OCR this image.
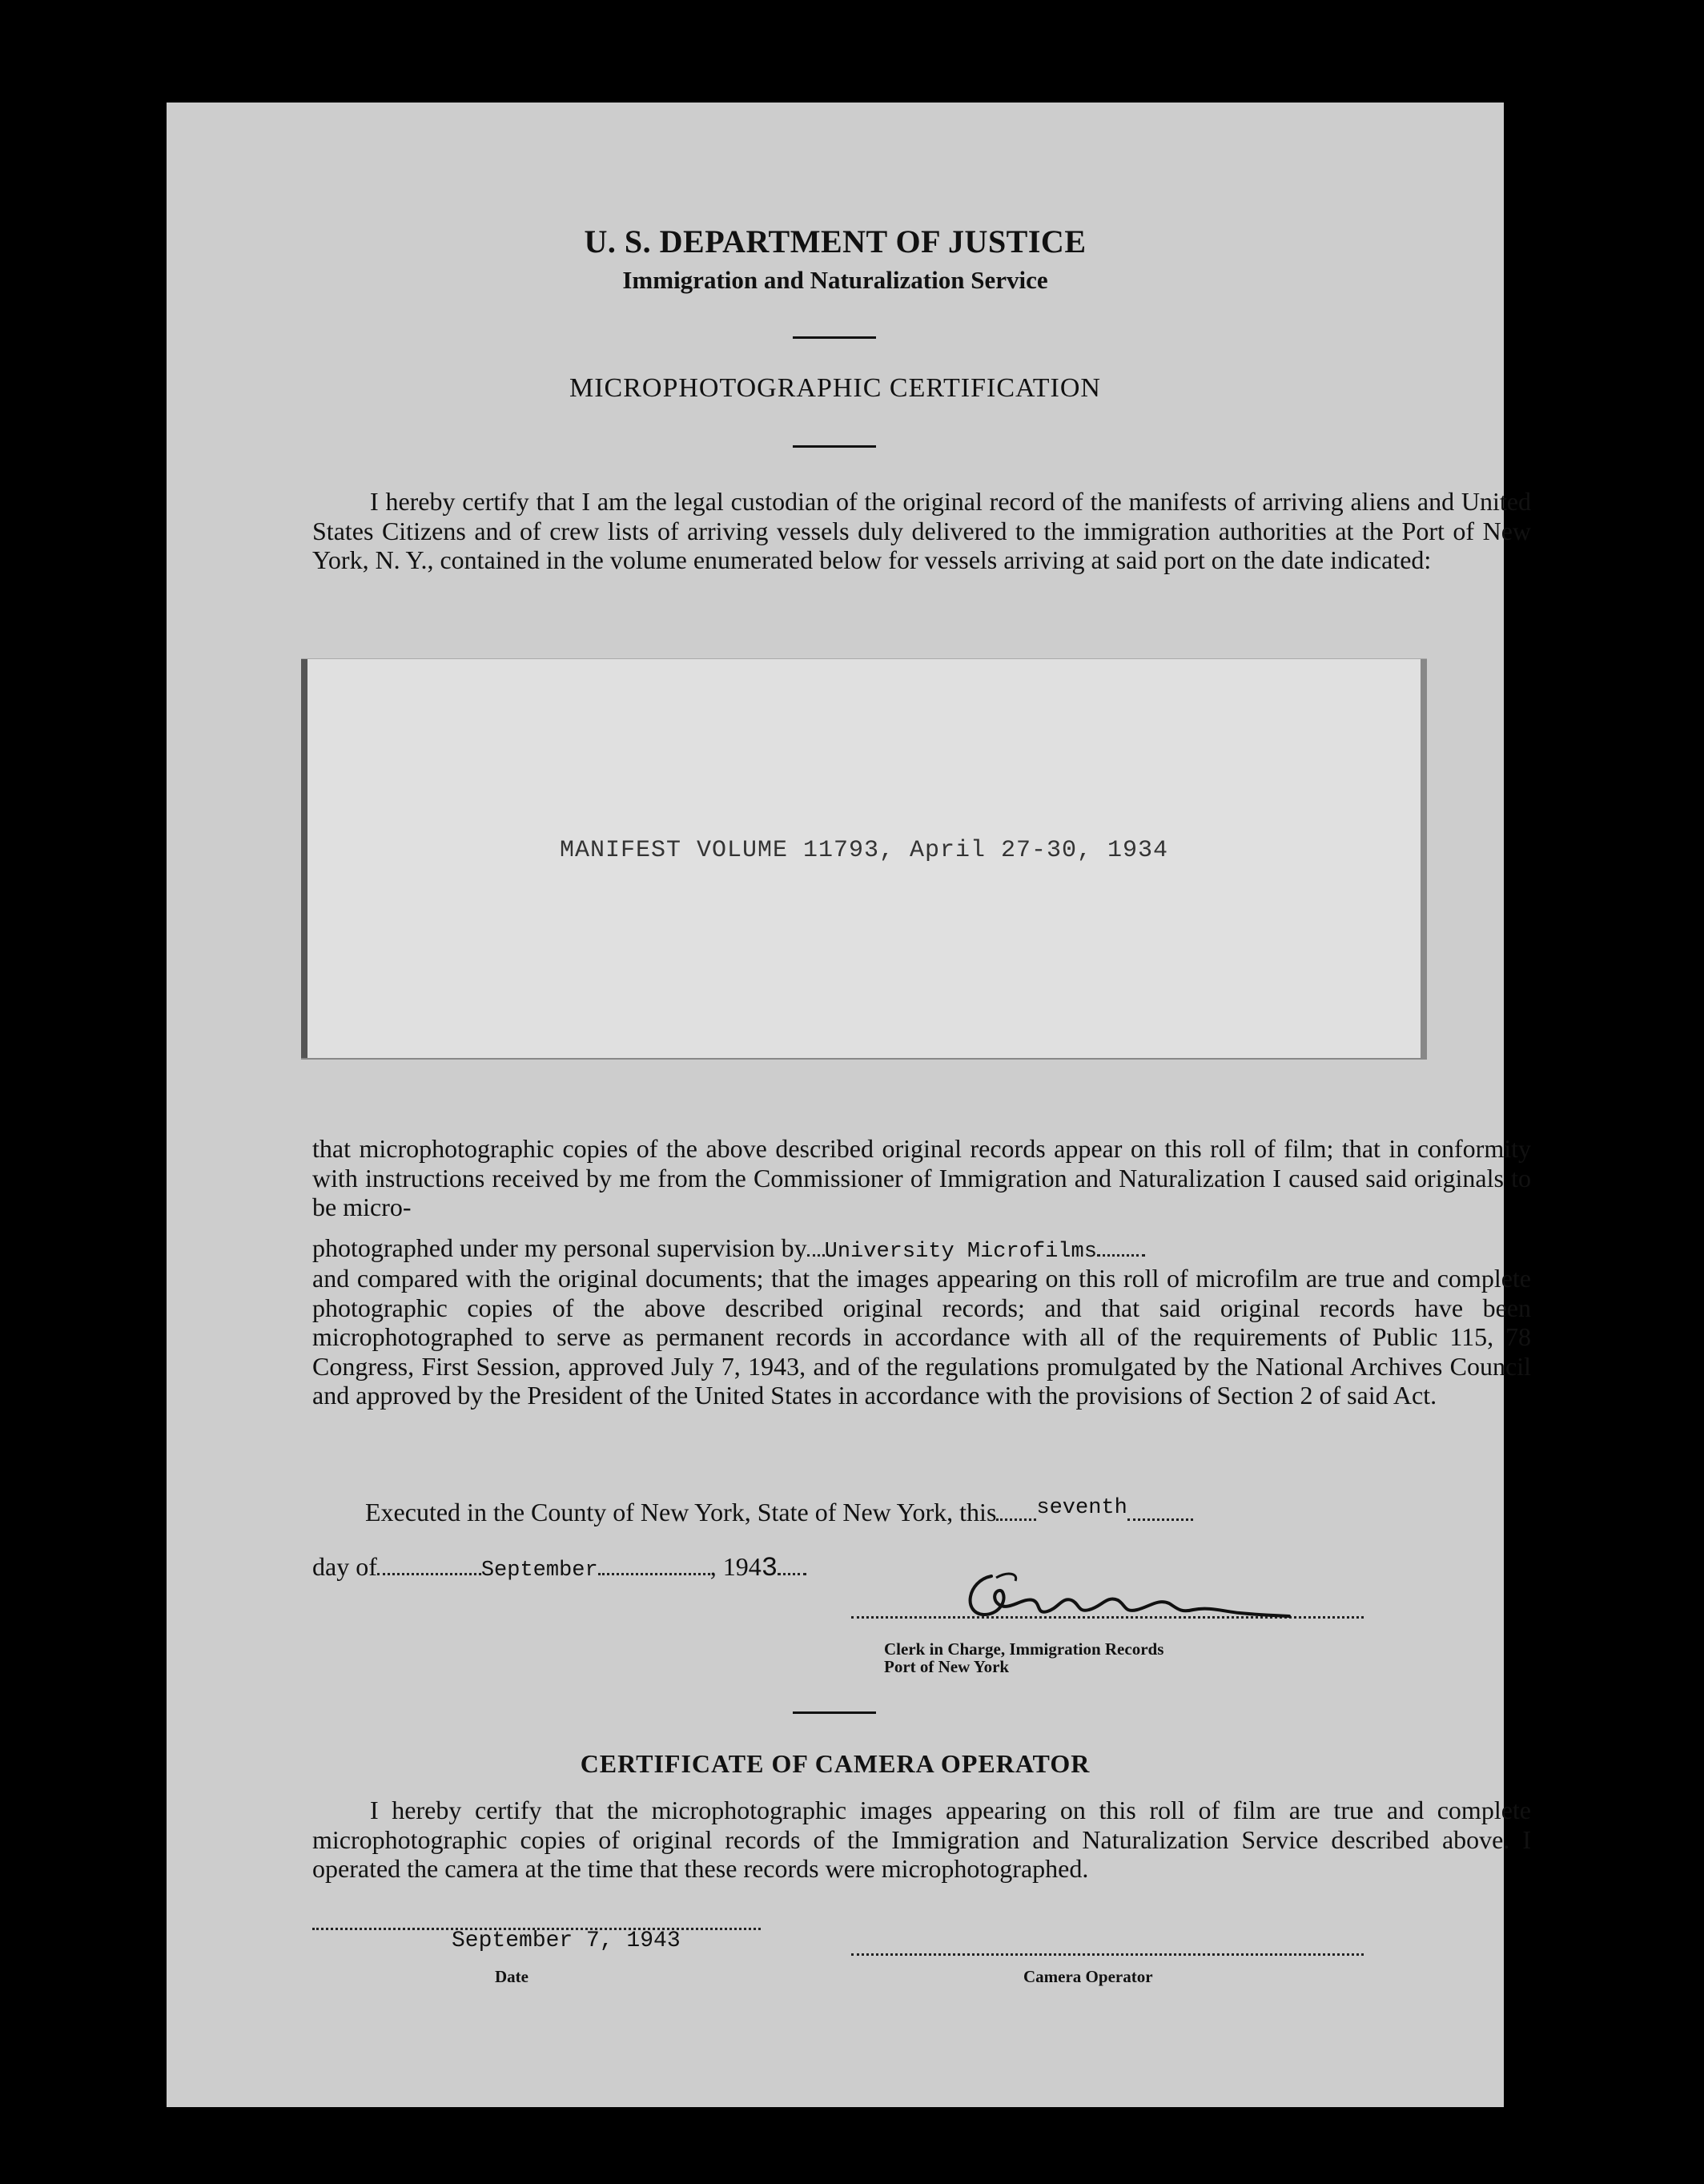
U. S. DEPARTMENT OF JUSTICE
Immigration and Naturalization Service
MICROPHOTOGRAPHIC CERTIFICATION
I hereby certify that I am the legal custodian of the original record of the manifests of arriving aliens and United States Citizens and of crew lists of arriving vessels duly delivered to the immigration authorities at the Port of New York, N. Y., contained in the volume enumerated below for vessels arriving at said port on the date indicated:
MANIFEST VOLUME 11793, April 27-30, 1934
that microphotographic copies of the above described original records appear on this roll of film; that in conformity with instructions received by me from the Commissioner of Immigration and Naturalization I caused said originals to be micro-
photographed under my personal supervision by University Microfilms
and compared with the original documents; that the images appearing on this roll of microfilm are true and complete photographic copies of the above described original records; and that said original records have been microphotographed to serve as permanent records in accordance with all of the requirements of Public 115, 78 Congress, First Session, approved July 7, 1943, and of the regulations promulgated by the National Archives Council and approved by the President of the United States in accordance with the provisions of Section 2 of said Act.
Executed in the County of New York, State of New York, this $^{seventh}$
day of	September	, 1943
Clerk in Charge, Immigration Records
Port of New York
CERTIFICATE OF CAMERA OPERATOR
I hereby certify that the microphotographic images appearing on this roll of film are true and complete microphotographic copies of original records of the Immigration and Naturalization Service described above. I operated the camera at the time that these records were microphotographed.
September 7, 1943
Date	Camera Operator
